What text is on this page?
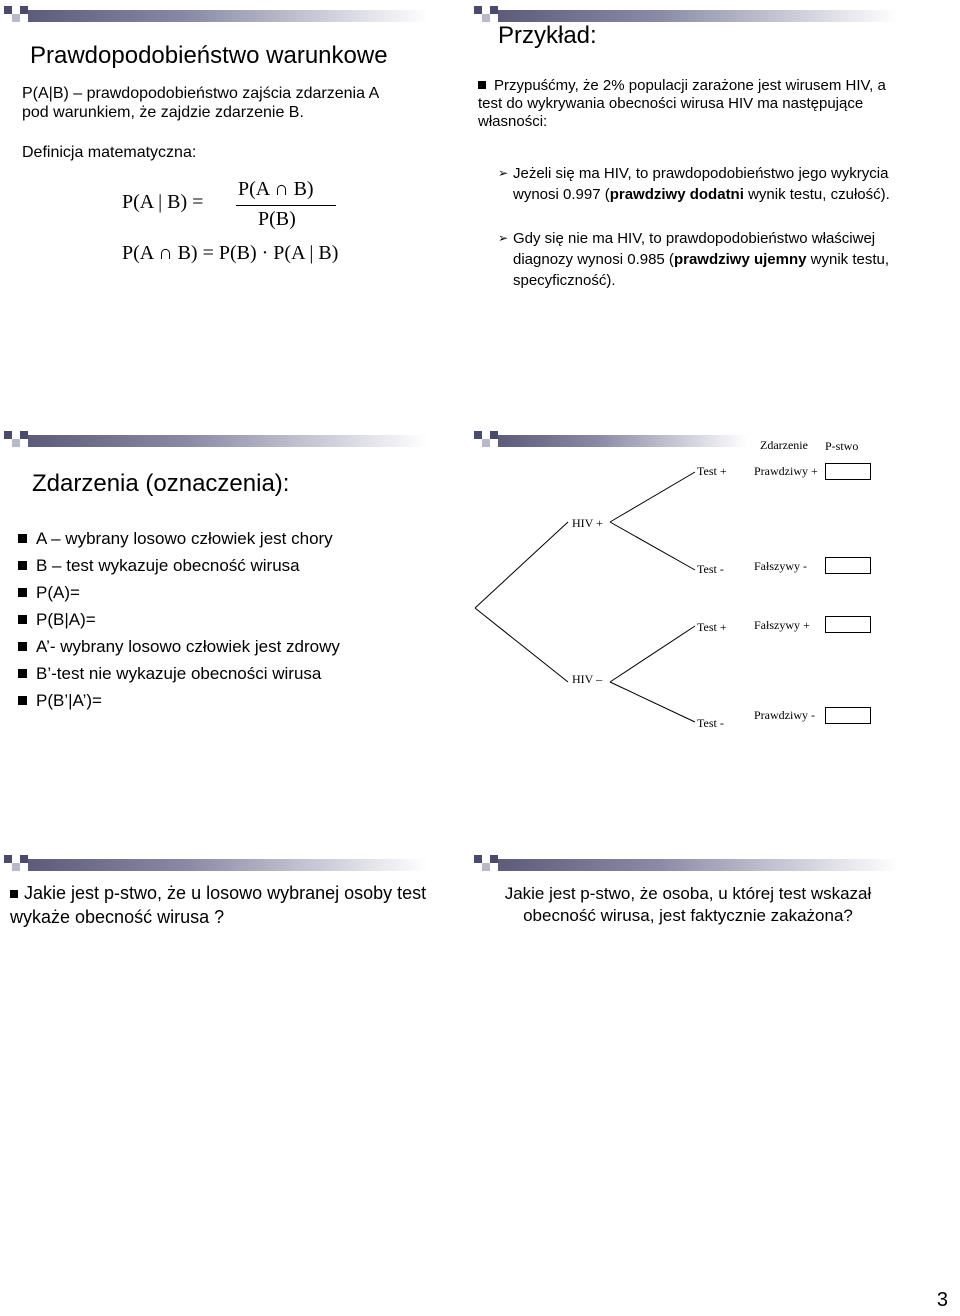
Prawdopodobieństwo warunkowe
P(A|B) – prawdopodobieństwo zajścia zdarzenia A
pod warunkiem, że zajdzie zdarzenie B.
Definicja matematyczna:
P(A | B) =
P(A ∩ B)
P(B)
P(A ∩ B) = P(B) · P(A | B)
Przykład:
Przypuśćmy, że 2% populacji zarażone jest wirusem HIV, a test do wykrywania obecności wirusa HIV ma następujące własności:
➢ Jeżeli się ma HIV, to prawdopodobieństwo jego wykrycia wynosi 0.997 (prawdziwy dodatni wynik testu, czułość).
➢ Gdy się nie ma HIV, to prawdopodobieństwo właściwej diagnozy wynosi 0.985 (prawdziwy ujemny wynik testu, specyficzność).
Zdarzenia (oznaczenia):
A – wybrany losowo człowiek jest chory
B – test wykazuje obecność wirusa
P(A)=
P(B|A)=
A’- wybrany losowo człowiek jest zdrowy
B’-test nie wykazuje obecności wirusa
P(B’|A’)=
Zdarzenie P-stwo
HIV +
HIV –
Test +
Test -
Test +
Test -
Prawdziwy +
Fałszywy -
Fałszywy +
Prawdziwy -
Jakie jest p-stwo, że u losowo wybranej osoby test wykaże obecność wirusa ?
Jakie jest p-stwo, że osoba, u której test wskazał obecność wirusa, jest faktycznie zakażona?
3
